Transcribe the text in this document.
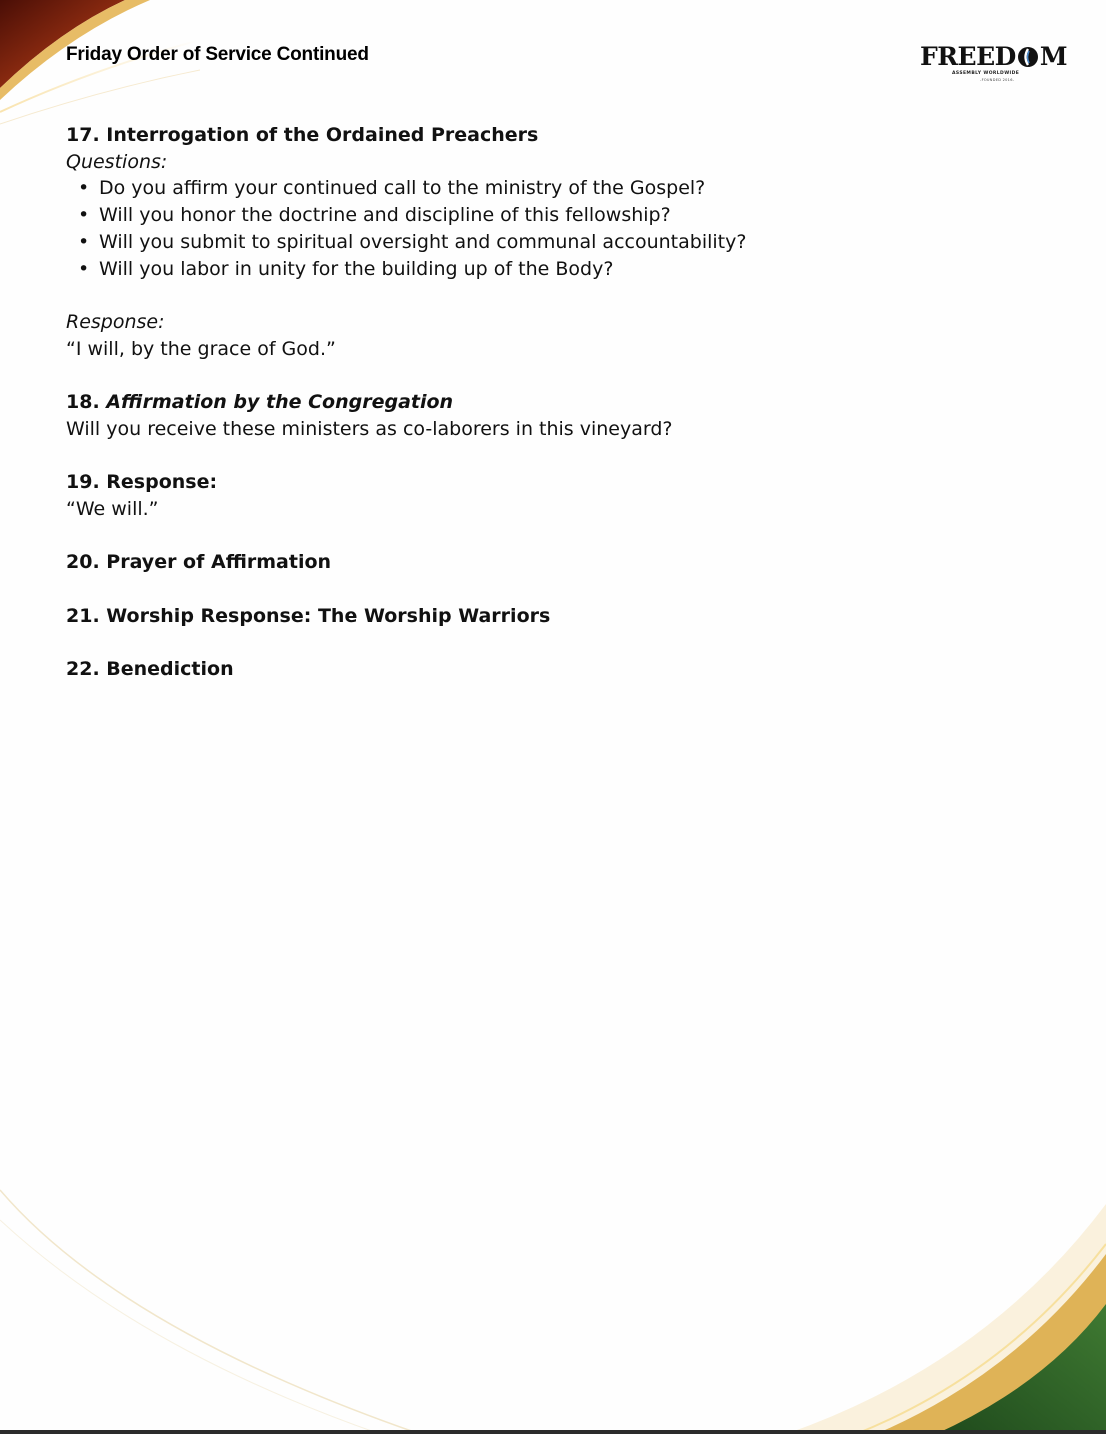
Friday Order of Service Continued	FREED M
ASSEMBLY WORLDWIDE
-FOUNDED 2016-

17. Interrogation of the Ordained Preachers

Questions:

• Do you affirm your continued call to the ministry of the Gospel?
• Will you honor the doctrine and discipline of this fellowship?
• Will you submit to spiritual oversight and communal accountability?
• Will you labor in unity for the building up of the Body?

Response:

“I will, by the grace of God.”

18. Affirmation by the Congregation

Will you receive these ministers as co-laborers in this vineyard?

19. Response:

“We will.”

20. Prayer of Affirmation

21. Worship Response: The Worship Warriors

22. Benediction
